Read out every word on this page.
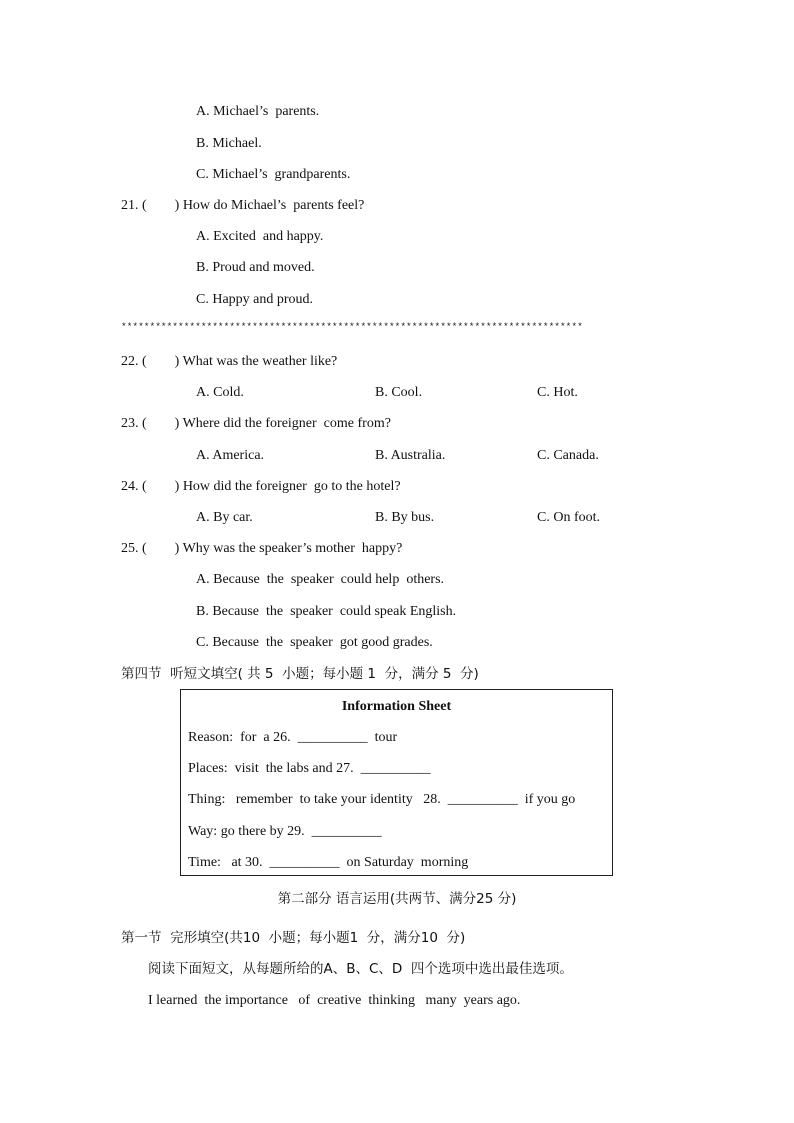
A. Michael’s  parents.
B. Michael.
C. Michael’s  grandparents.
21. (        ) How do Michael’s  parents feel?
A. Excited  and happy.
B. Proud and moved.
C. Happy and proud.
*********************************************************************************
22. (        ) What was the weather like?
A. Cold.	B. Cool.	C. Hot.
23. (        ) Where did the foreigner  come from?
A. America.	B. Australia.	C. Canada.
24. (        ) How did the foreigner  go to the hotel?
A. By car.	B. By bus.	C. On foot.
25. (        ) Why was the speaker’s mother  happy?
A. Because  the  speaker  could help  others.
B. Because  the  speaker  could speak English.
C. Because  the  speaker  got good grades.
第四节  听短文填空( 共 5  小题；每小题 1  分，满分 5  分)
Information Sheet
Reason:  for  a 26.  __________  tour
Places:  visit  the labs and 27.  __________
Thing:   remember  to take your identity   28.  __________  if you go
Way: go there by 29.  __________
Time:   at 30.  __________  on Saturday  morning
第二部分 语言运用(共两节、满分25 分)
第一节  完形填空(共10  小题；每小题1  分，满分10  分)
阅读下面短文，从每题所给的A、B、C、D  四个选项中选出最佳选项。
I learned  the importance   of  creative  thinking   many  years ago.
